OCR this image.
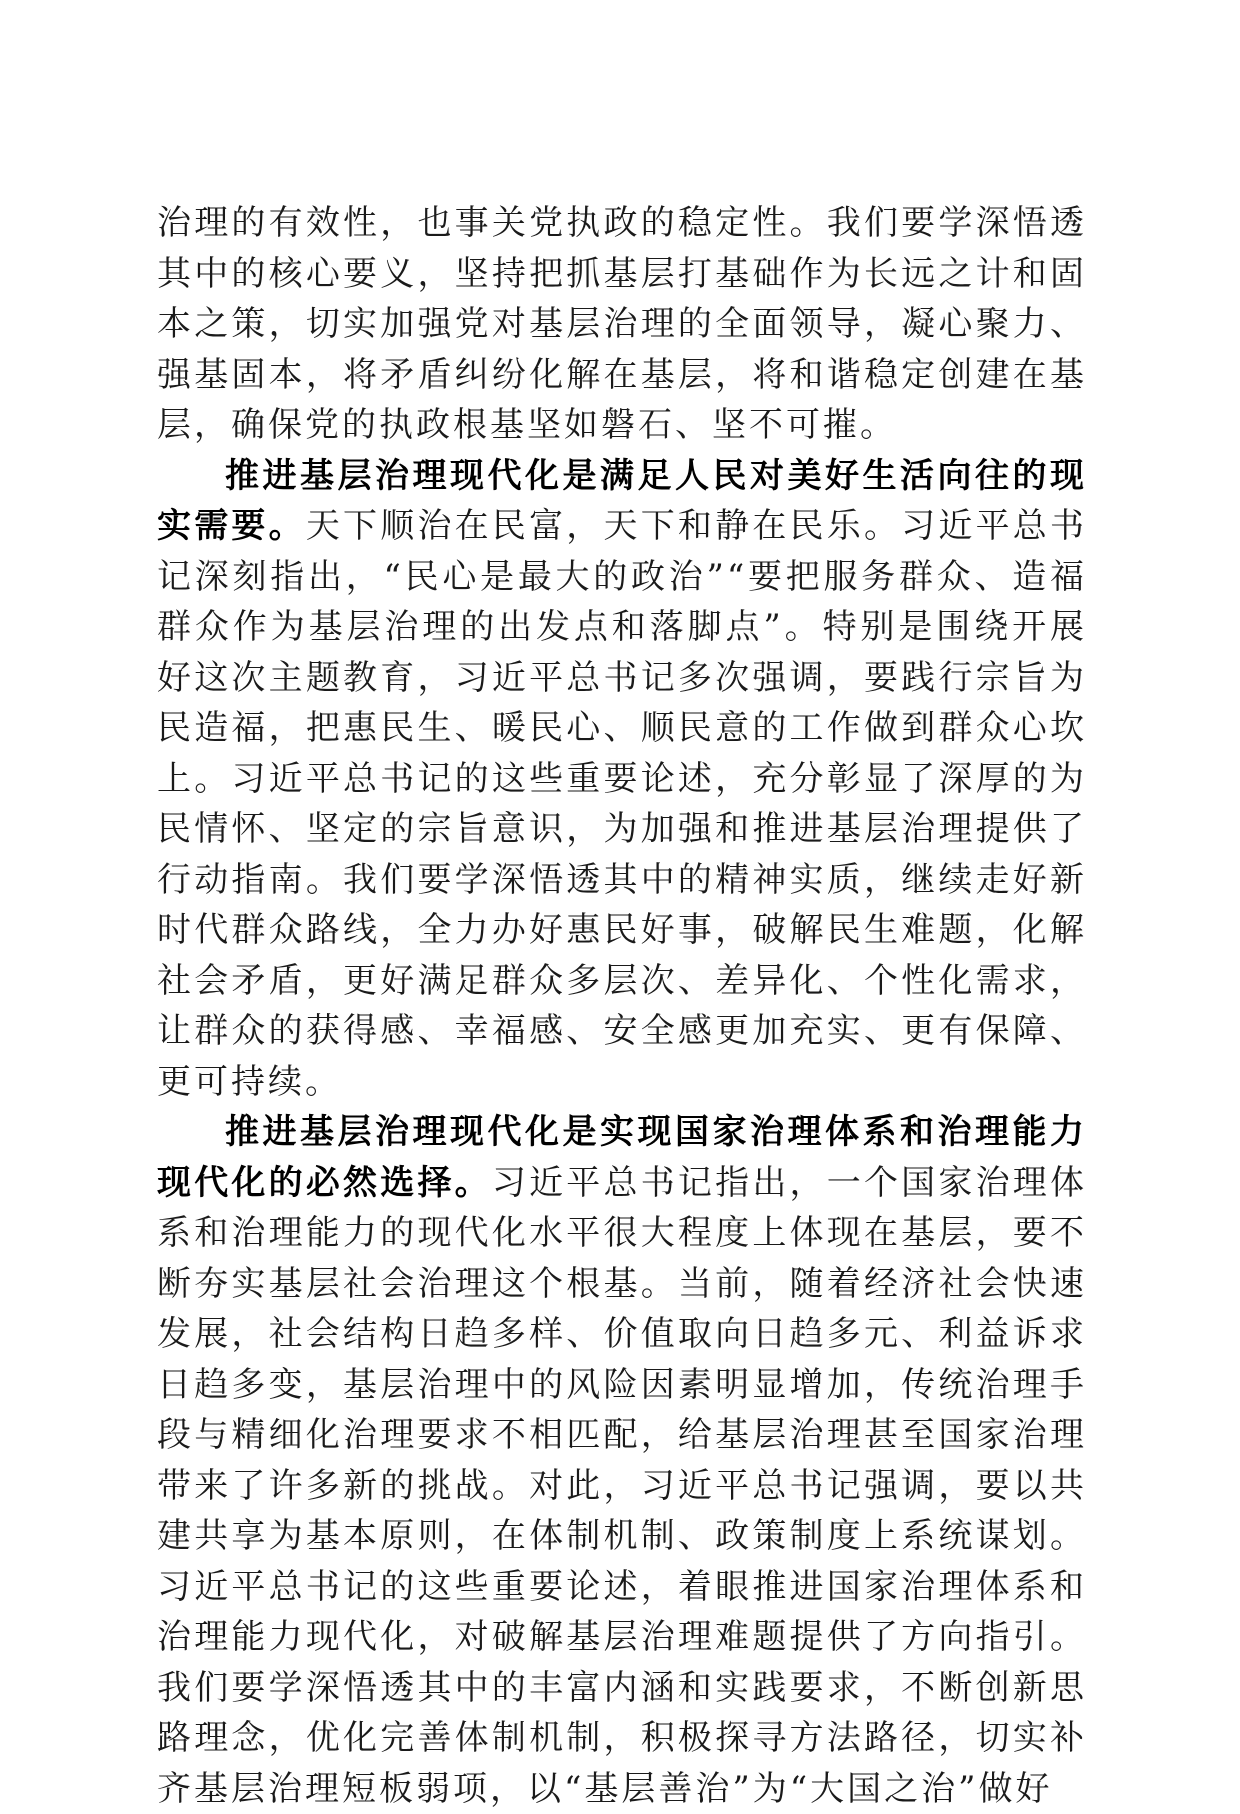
治理的有效性，也事关党执政的稳定性。我们要学深悟透其中的核心要义，坚持把抓基层打基础作为长远之计和固本之策，切实加强党对基层治理的全面领导，凝心聚力、强基固本，将矛盾纠纷化解在基层，将和谐稳定创建在基层，确保党的执政根基坚如磐石、坚不可摧。

推进基层治理现代化是满足人民对美好生活向往的现实需要。天下顺治在民富，天下和静在民乐。习近平总书记深刻指出，“民心是最大的政治”“要把服务群众、造福群众作为基层治理的出发点和落脚点”。特别是围绕开展好这次主题教育，习近平总书记多次强调，要践行宗旨为民造福，把惠民生、暖民心、顺民意的工作做到群众心坎上。习近平总书记的这些重要论述，充分彰显了深厚的为民情怀、坚定的宗旨意识，为加强和推进基层治理提供了行动指南。我们要学深悟透其中的精神实质，继续走好新时代群众路线，全力办好惠民好事，破解民生难题，化解社会矛盾，更好满足群众多层次、差异化、个性化需求，让群众的获得感、幸福感、安全感更加充实、更有保障、更可持续。

推进基层治理现代化是实现国家治理体系和治理能力现代化的必然选择。习近平总书记指出，一个国家治理体系和治理能力的现代化水平很大程度上体现在基层，要不断夯实基层社会治理这个根基。当前，随着经济社会快速发展，社会结构日趋多样、价值取向日趋多元、利益诉求日趋多变，基层治理中的风险因素明显增加，传统治理手段与精细化治理要求不相匹配，给基层治理甚至国家治理带来了许多新的挑战。对此，习近平总书记强调，要以共建共享为基本原则，在体制机制、政策制度上系统谋划。习近平总书记的这些重要论述，着眼推进国家治理体系和治理能力现代化，对破解基层治理难题提供了方向指引。我们要学深悟透其中的丰富内涵和实践要求，不断创新思路理念，优化完善体制机制，积极探寻方法路径，切实补齐基层治理短板弱项，以“基层善治”为“大国之治”做好
